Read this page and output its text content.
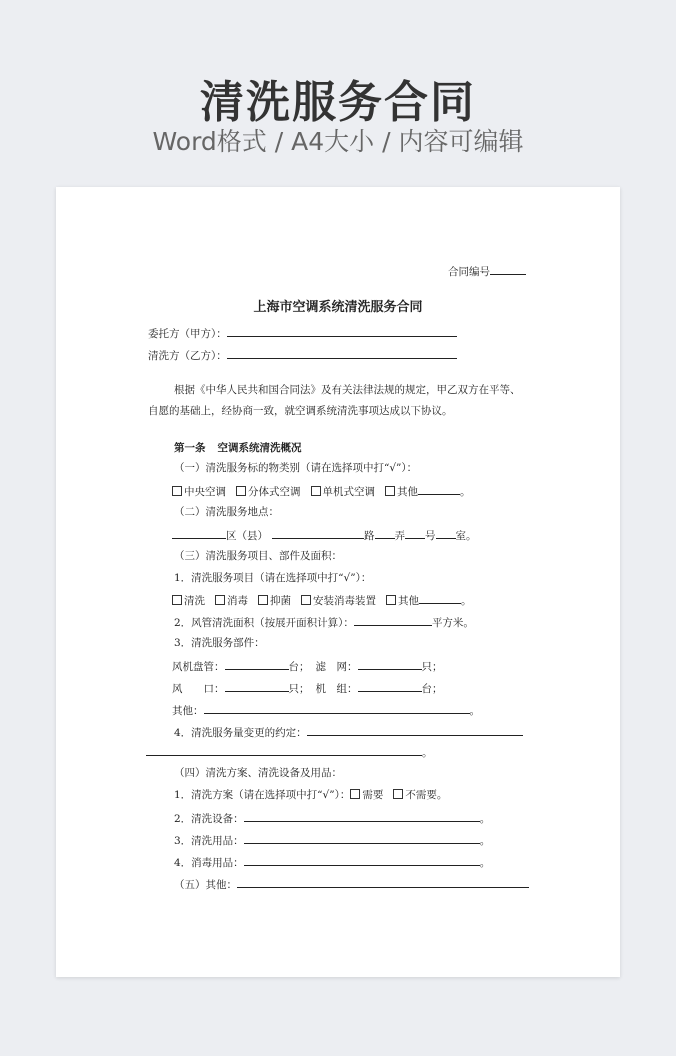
清洗服务合同
Word格式 / A4大小 / 内容可编辑
合同编号
上海市空调系统清洗服务合同
委托方（甲方）：
清洗方（乙方）：
根据《中华人民共和国合同法》及有关法律法规的规定，甲乙双方在平等、
自愿的基础上，经协商一致，就空调系统清洗事项达成以下协议。
第一条 空调系统清洗概况
（一）清洗服务标的物类别（请在选择项中打“√”）：
中央空调 分体式空调 单机式空调 其他	。
（二）清洗服务地点：
区（县）	路 弄 号 室。
（三）清洗服务项目、部件及面积：
1．清洗服务项目（请在选择项中打“√”）：
清洗 消毒 抑菌 安装消毒装置 其他	。
2．风管清洗面积（按展开面积计算）：	平方米。
3．清洗服务部件：
风机盘管：	台； 滤　网：	只；
风　　口：	只； 机　组：	台；
其他：	。
4．清洗服务量变更的约定：
。
（四）清洗方案、清洗设备及用品：
1．清洗方案（请在选择项中打“√”）： 需要 不需要。
2．清洗设备：	。
3．清洗用品：	。
4．消毒用品：	。
（五）其他：
